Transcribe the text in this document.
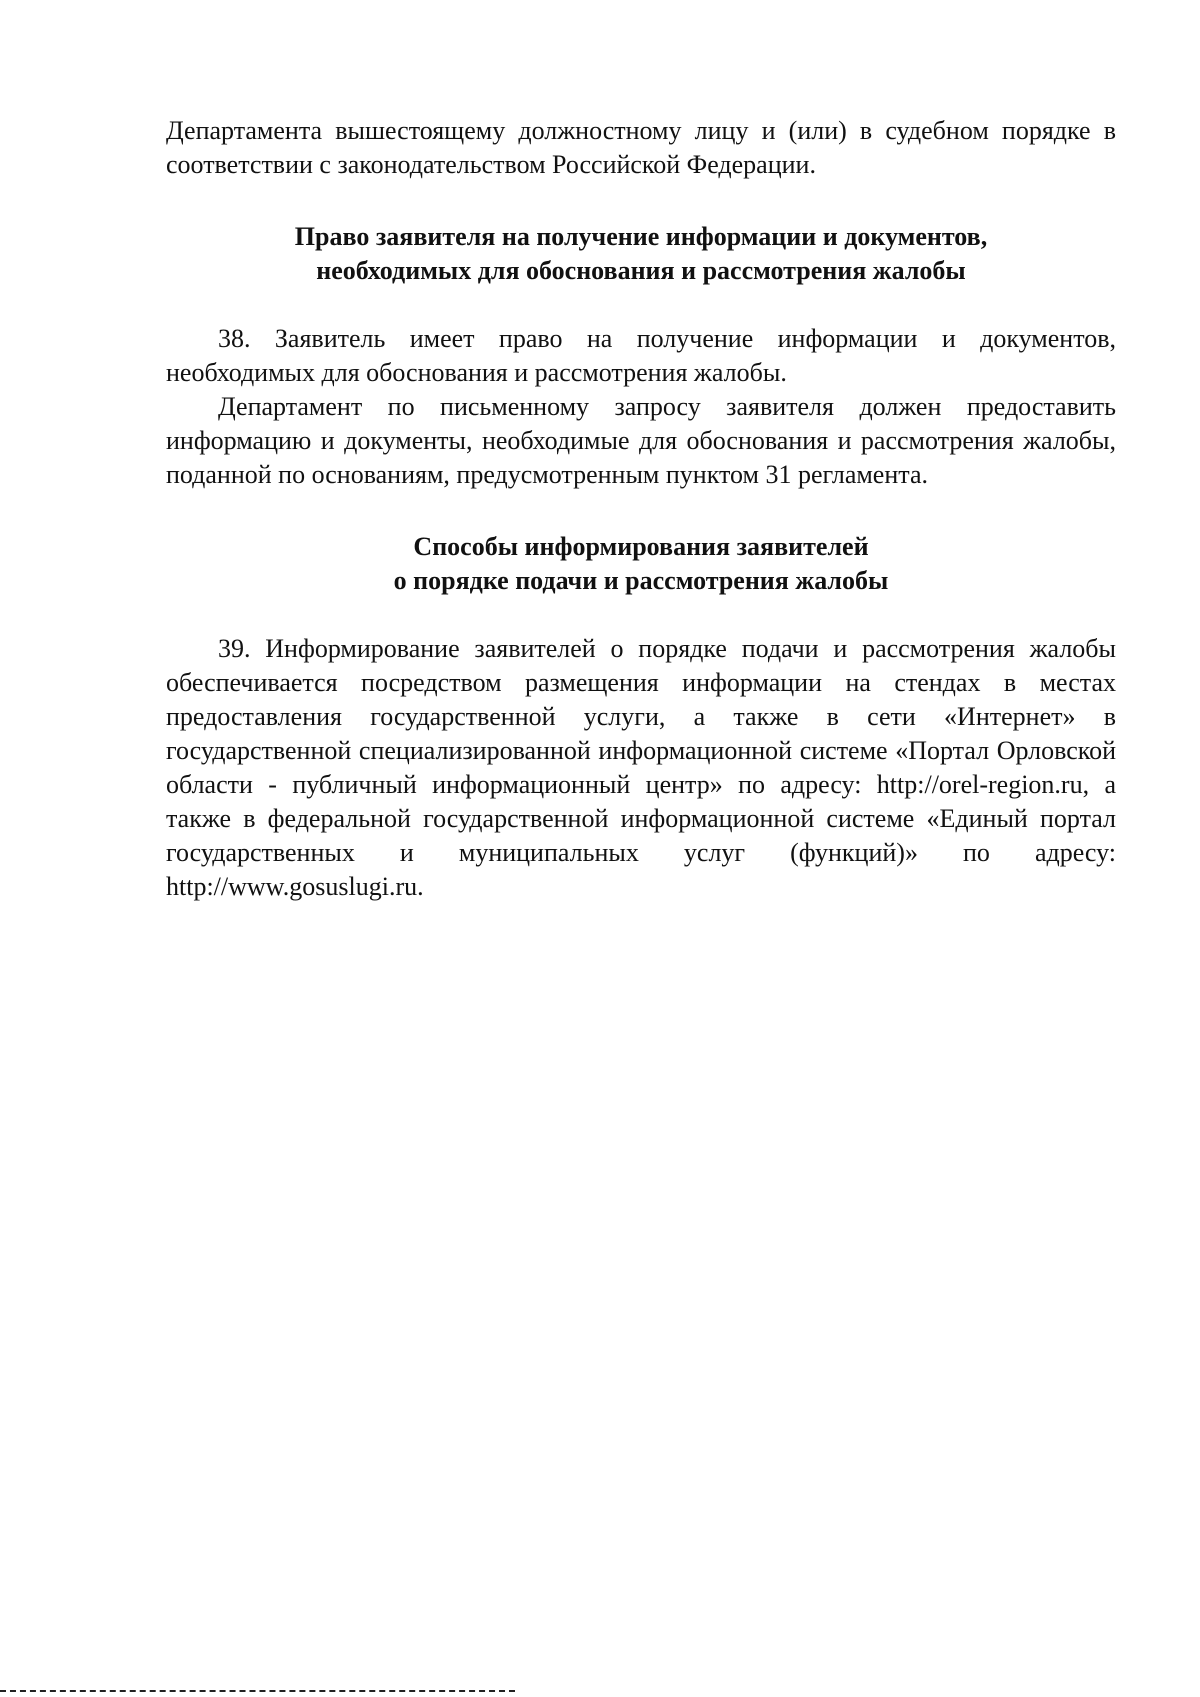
Департамента вышестоящему должностному лицу и (или) в судебном порядке в соответствии с законодательством Российской Федерации.

Право заявителя на получение информации и документов,

необходимых для обоснования и рассмотрения жалобы

38. Заявитель имеет право на получение информации и документов, необходимых для обоснования и рассмотрения жалобы.

Департамент по письменному запросу заявителя должен предоставить информацию и документы, необходимые для обоснования и рассмотрения жалобы, поданной по основаниям, предусмотренным пунктом 31 регламента.

Способы информирования заявителей

о порядке подачи и рассмотрения жалобы

39. Информирование заявителей о порядке подачи и рассмотрения жалобы обеспечивается посредством размещения информации на стендах в местах предоставления государственной услуги, а также в сети «Интернет» в государственной специализированной информационной системе «Портал Орловской области - публичный информационный центр» по адресу: http://orel-region.ru, а также в федеральной государственной информационной системе «Единый портал государственных и муниципальных услуг (функций)» по адресу: http://www.gosuslugi.ru.
